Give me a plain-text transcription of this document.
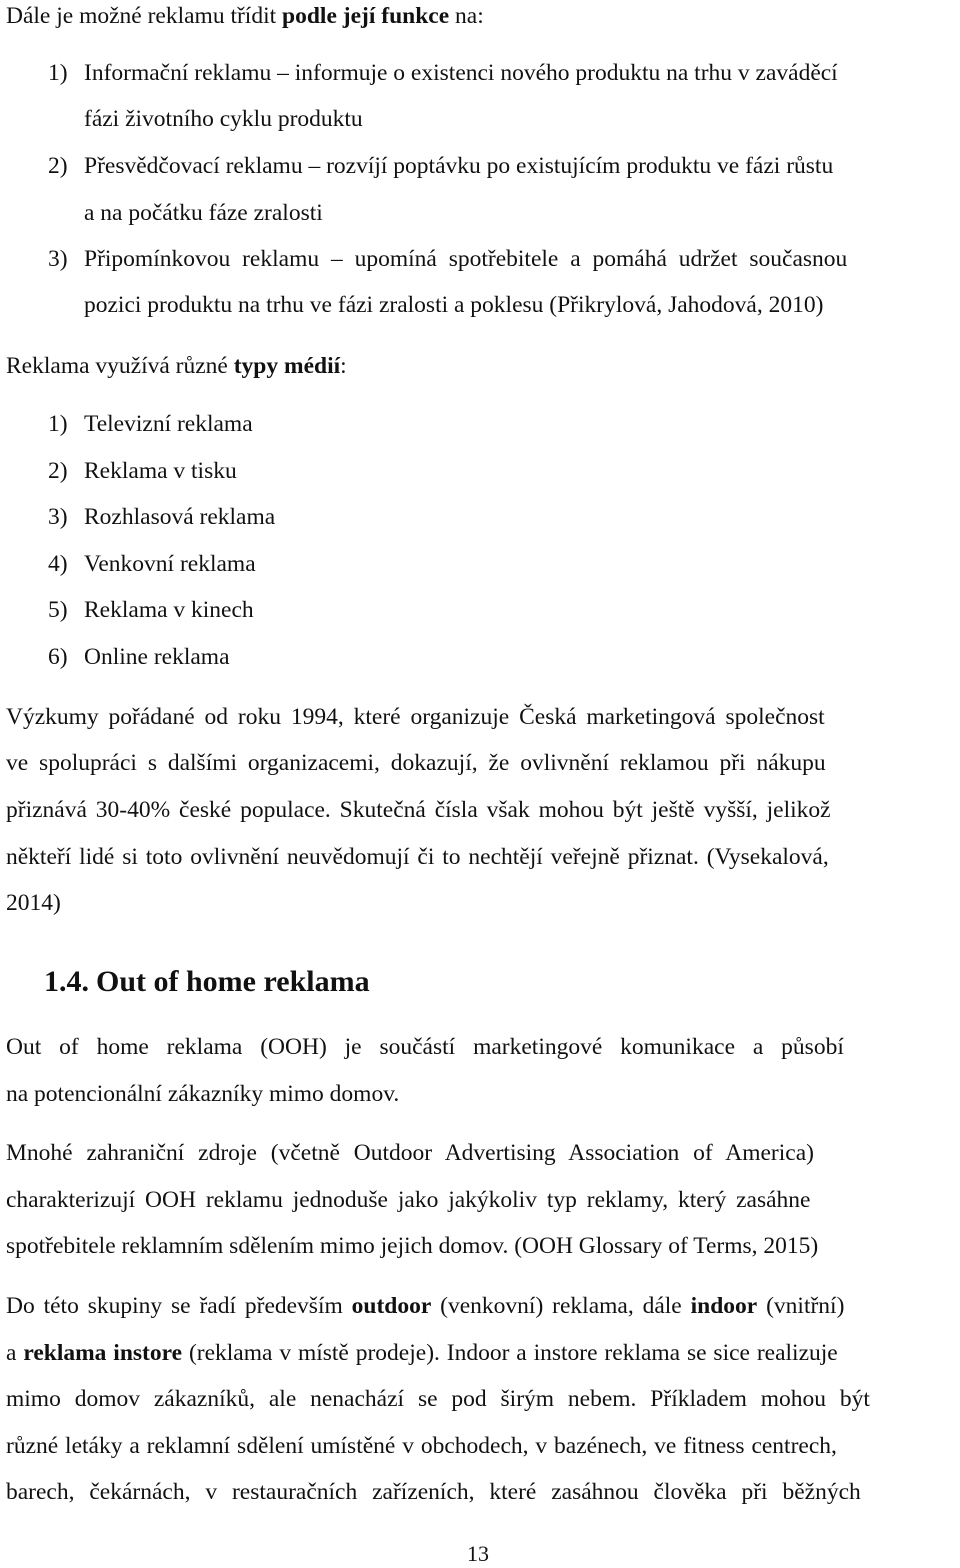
Dále je možné reklamu třídit podle její funkce na:
1) Informační reklamu – informuje o existenci nového produktu na trhu v zaváděcí
fázi životního cyklu produktu
2) Přesvědčovací reklamu – rozvíjí poptávku po existujícím produktu ve fázi růstu
a na počátku fáze zralosti
3) Připomínkovou reklamu – upomíná spotřebitele a pomáhá udržet současnou
pozici produktu na trhu ve fázi zralosti a poklesu (Přikrylová, Jahodová, 2010)
Reklama využívá různé typy médií:
1) Televizní reklama
2) Reklama v tisku
3) Rozhlasová reklama
4) Venkovní reklama
5) Reklama v kinech
6) Online reklama
Výzkumy pořádané od roku 1994, které organizuje Česká marketingová společnost
ve spolupráci s dalšími organizacemi, dokazují, že ovlivnění reklamou při nákupu
přiznává 30-40% české populace. Skutečná čísla však mohou být ještě vyšší, jelikož
někteří lidé si toto ovlivnění neuvědomují či to nechtějí veřejně přiznat. (Vysekalová,
2014)
1.4. Out of home reklama
Out of home reklama (OOH) je součástí marketingové komunikace a působí
na potencionální zákazníky mimo domov.
Mnohé zahraniční zdroje (včetně Outdoor Advertising Association of America)
charakterizují OOH reklamu jednoduše jako jakýkoliv typ reklamy, který zasáhne
spotřebitele reklamním sdělením mimo jejich domov. (OOH Glossary of Terms, 2015)
Do této skupiny se řadí především outdoor (venkovní) reklama, dále indoor (vnitřní)
a reklama instore (reklama v místě prodeje). Indoor a instore reklama se sice realizuje
mimo domov zákazníků, ale nenachází se pod širým nebem. Příkladem mohou být
různé letáky a reklamní sdělení umístěné v obchodech, v bazénech, ve fitness centrech,
barech, čekárnách, v restauračních zařízeních, které zasáhnou člověka při běžných
13
